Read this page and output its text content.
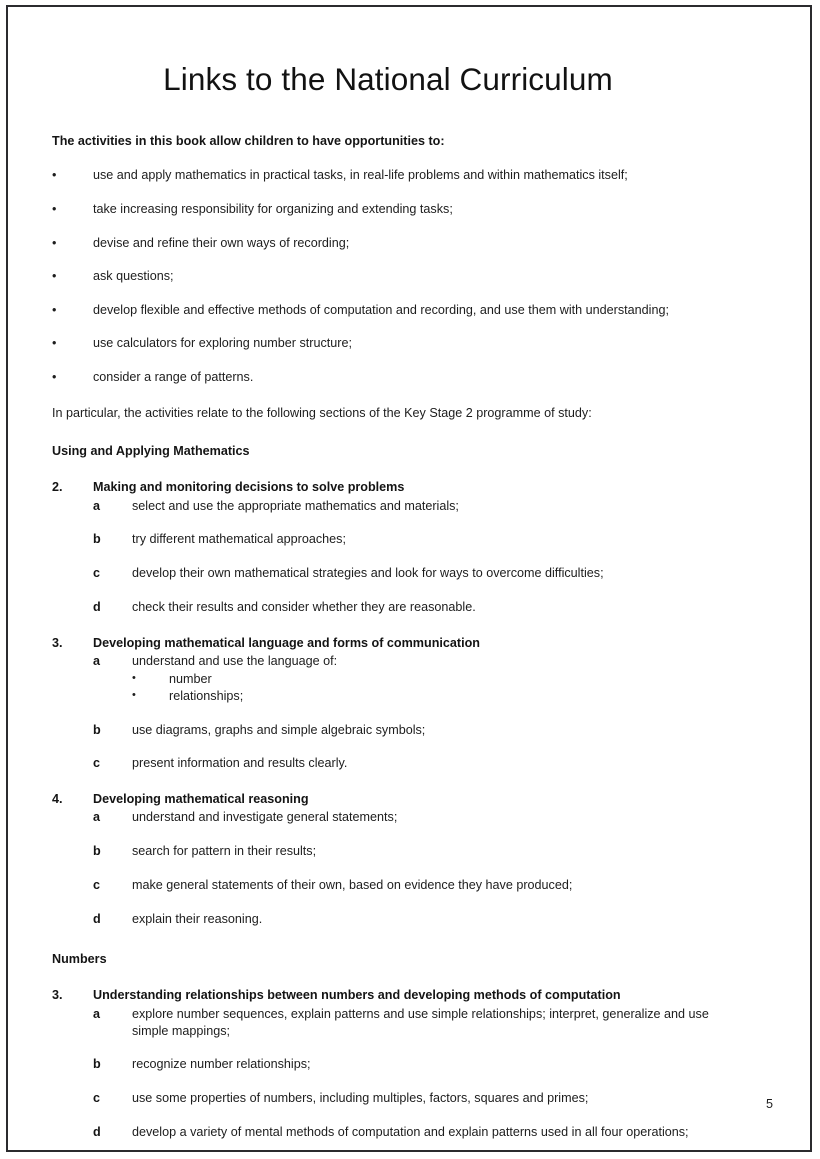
Links to the National Curriculum
The activities in this book allow children to have opportunities to:
•	use and apply mathematics in practical tasks, in real-life problems and within mathematics itself;
•	take increasing responsibility for organizing and extending tasks;
•	devise and refine their own ways of recording;
•	ask questions;
•	develop flexible and effective methods of computation and recording, and use them with understanding;
•	use calculators for exploring number structure;
•	consider a range of patterns.
In particular, the activities relate to the following sections of the Key Stage 2 programme of study:
Using and Applying Mathematics
2. Making and monitoring decisions to solve problems
a	select and use the appropriate mathematics and materials;
b try different mathematical approaches;
c	develop their own mathematical strategies and look for ways to overcome difficulties;
d check their results and consider whether they are reasonable.
3. Developing mathematical language and forms of communication
a	understand and use the language of:
•	number
•	relationships;
b use diagrams, graphs and simple algebraic symbols;
c	present information and results clearly.
4. Developing mathematical reasoning
a	understand and investigate general statements;
b search for pattern in their results;
c	make general statements of their own, based on evidence they have produced;
d explain their reasoning.
Numbers
3. Understanding relationships between numbers and developing methods of computation
a	explore number sequences, explain patterns and use simple relationships; interpret, generalize and use simple mappings;
b recognize number relationships;
c	use some properties of numbers, including multiples, factors, squares and primes;
d develop a variety of mental methods of computation and explain patterns used in all four operations;
5
